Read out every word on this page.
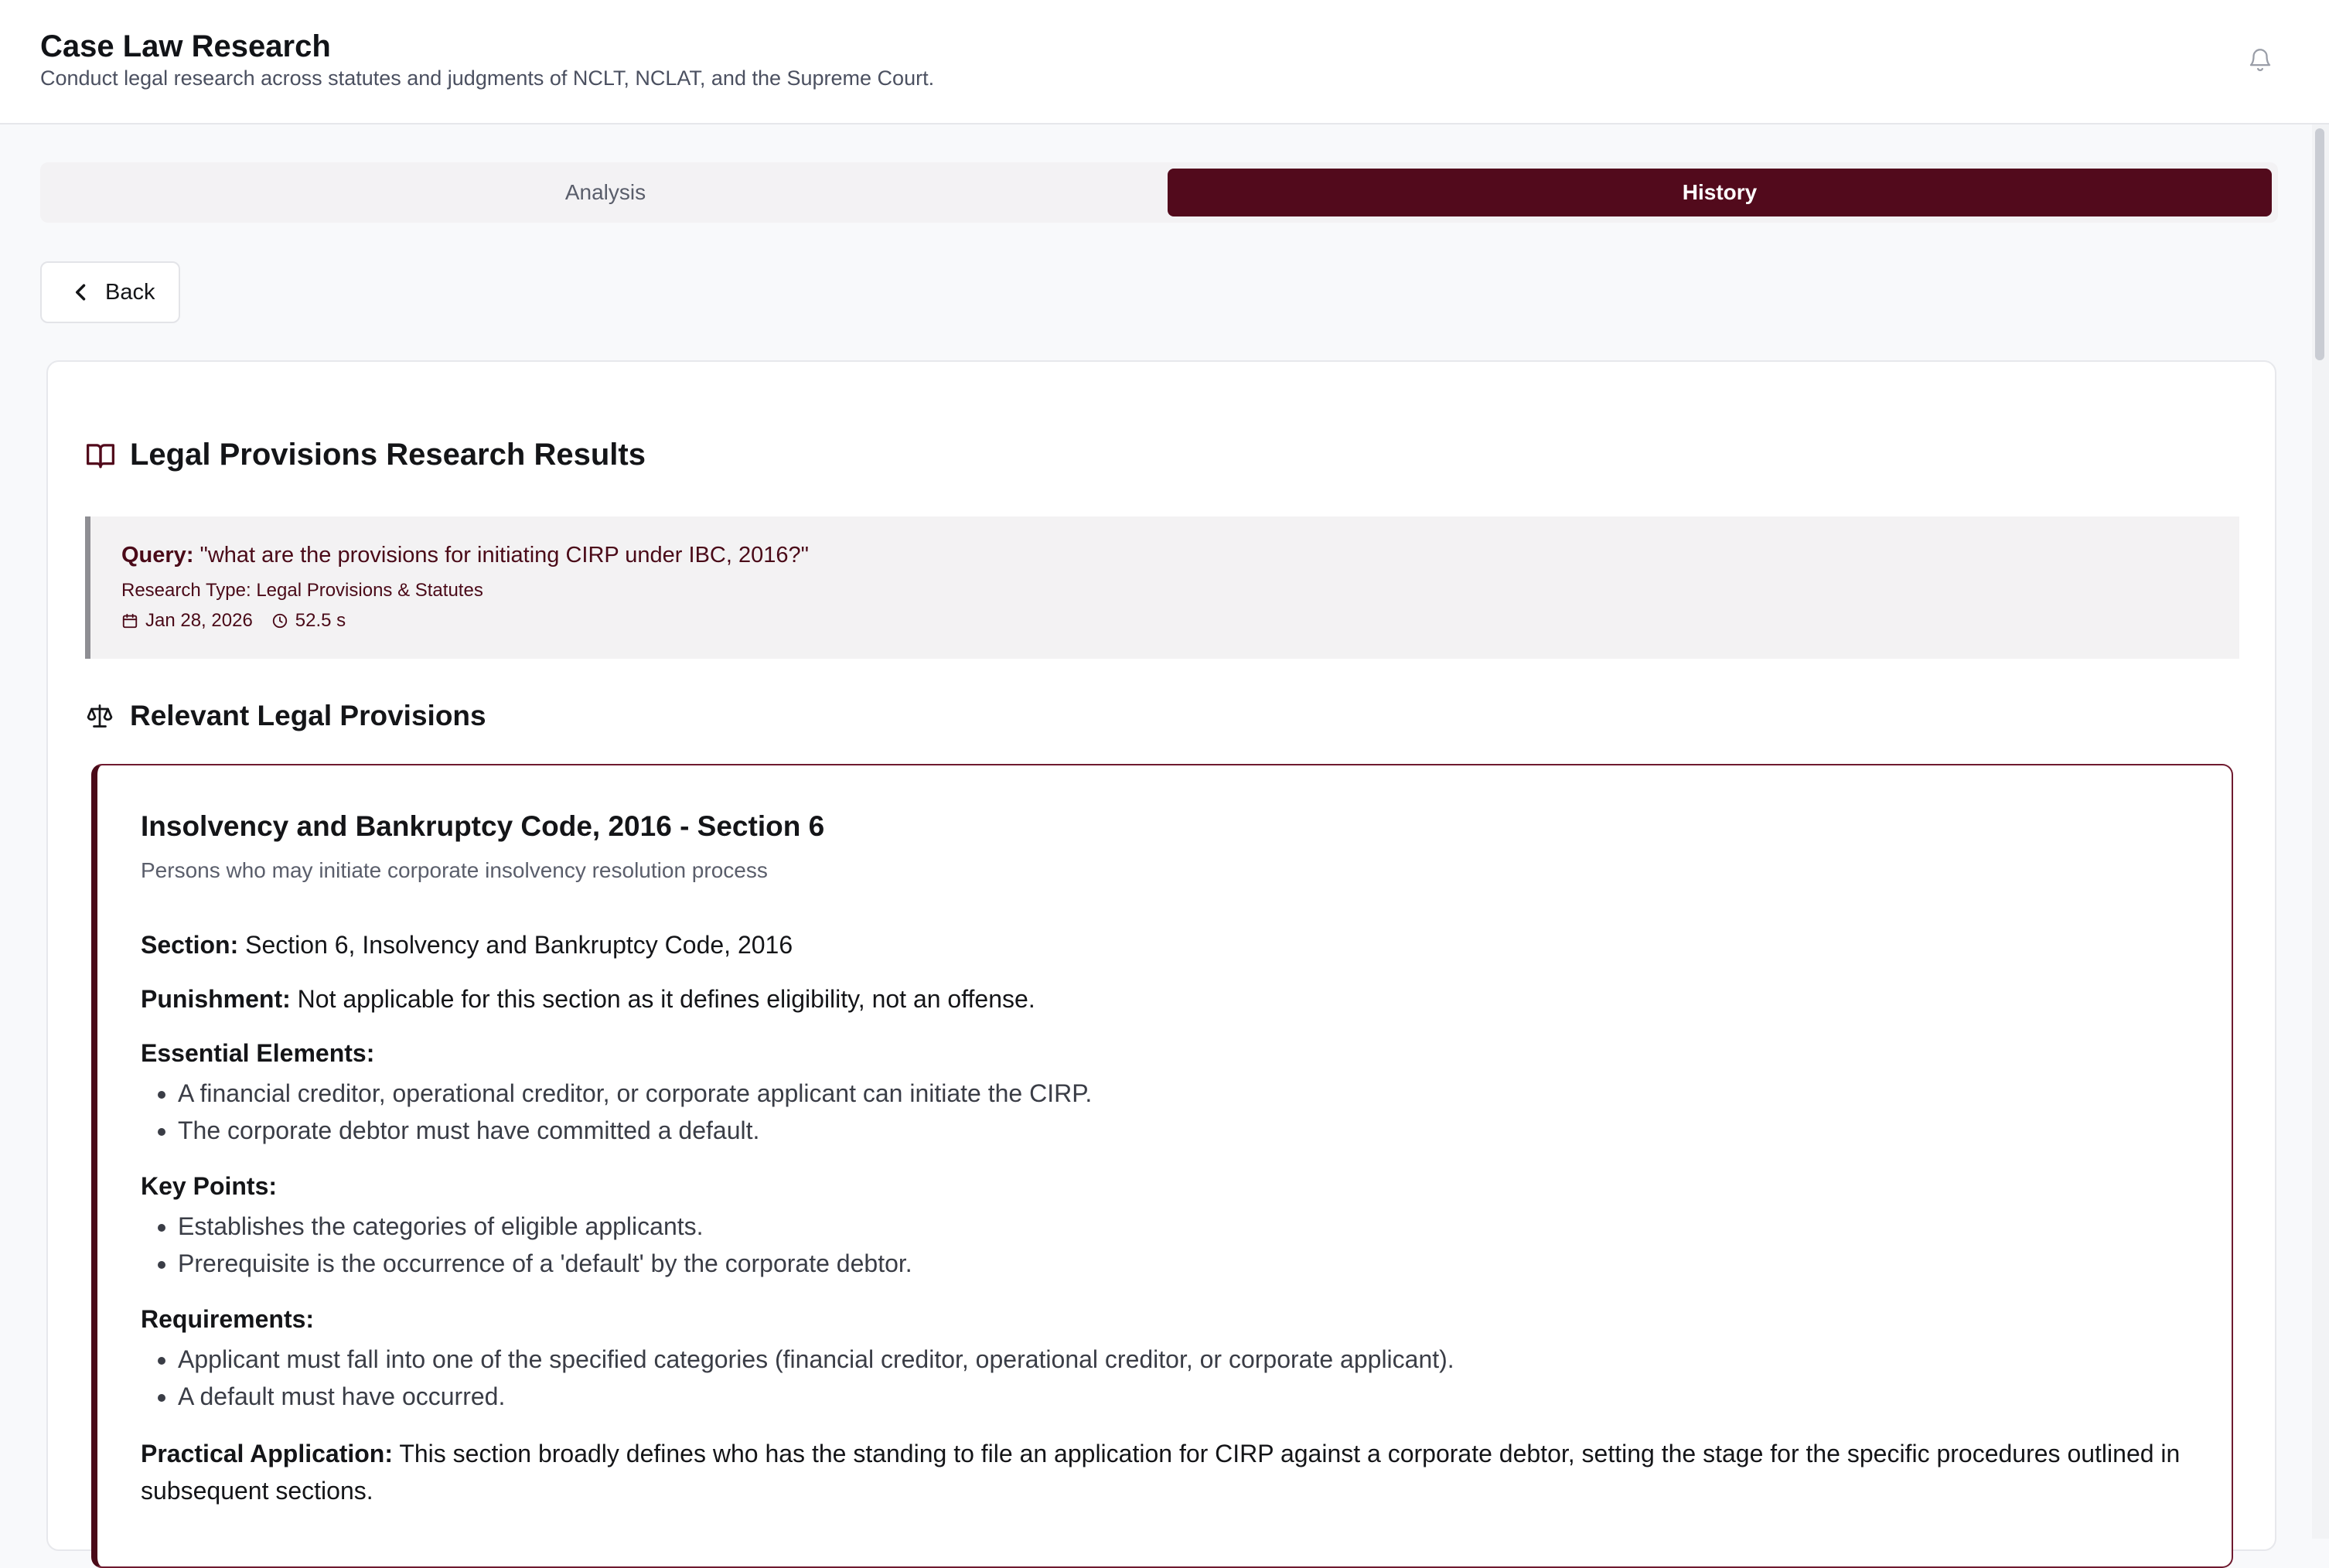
Case Law Research
Conduct legal research across statutes and judgments of NCLT, NCLAT, and the Supreme Court.
Analysis	History
Back
Legal Provisions Research Results
Query: "what are the provisions for initiating CIRP under IBC, 2016?"
Research Type: Legal Provisions & Statutes
Jan 28, 2026 52.5 s
Relevant Legal Provisions
Insolvency and Bankruptcy Code, 2016 - Section 6
Persons who may initiate corporate insolvency resolution process

Section: Section 6, Insolvency and Bankruptcy Code, 2016

Punishment: Not applicable for this section as it defines eligibility, not an offense.

Essential Elements:

• A financial creditor, operational creditor, or corporate applicant can initiate the CIRP.
• The corporate debtor must have committed a default.

Key Points:

• Establishes the categories of eligible applicants.
• Prerequisite is the occurrence of a 'default' by the corporate debtor.

Requirements:

• Applicant must fall into one of the specified categories (financial creditor, operational creditor, or corporate applicant).
• A default must have occurred.

Practical Application: This section broadly defines who has the standing to file an application for CIRP against a corporate debtor, setting the stage for the specific procedures outlined in subsequent sections.
